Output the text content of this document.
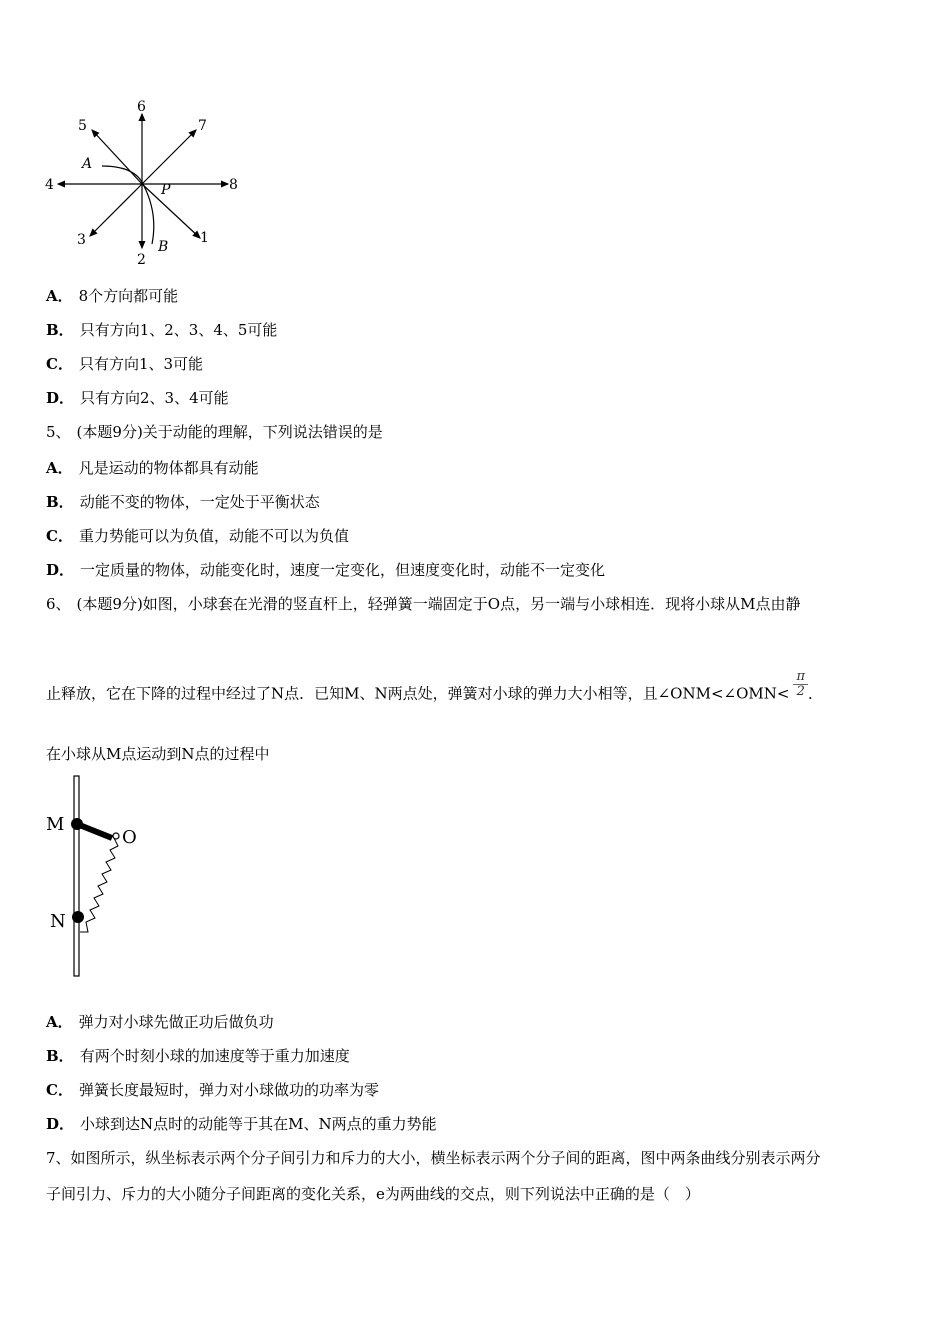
6
7
5
8
4
3	1
2
A
P
B
A． 8个方向都可能
B． 只有方向1、2、3、4、5可能
C． 只有方向1、3可能
D． 只有方向2、3、4可能
5、 (本题9分)关于动能的理解，下列说法错误的是
A． 凡是运动的物体都具有动能
B． 动能不变的物体，一定处于平衡状态
C． 重力势能可以为负值，动能不可以为负值
D． 一定质量的物体，动能变化时，速度一定变化，但速度变化时，动能不一定变化
6、 (本题9分)如图，小球套在光滑的竖直杆上，轻弹簧一端固定于O点，另一端与小球相连．现将小球从M点由静
止释放，它在下降的过程中经过了N点．已知M、N两点处，弹簧对小球的弹力大小相等，且∠ONM<∠OMN< $\frac{\pi}{2}$ ．
在小球从M点运动到N点的过程中
M
O
N
A． 弹力对小球先做正功后做负功
B． 有两个时刻小球的加速度等于重力加速度
C． 弹簧长度最短时，弹力对小球做功的功率为零
D． 小球到达N点时的动能等于其在M、N两点的重力势能
7、如图所示，纵坐标表示两个分子间引力和斥力的大小，横坐标表示两个分子间的距离，图中两条曲线分别表示两分
子间引力、斥力的大小随分子间距离的变化关系，e为两曲线的交点，则下列说法中正确的是（　）
